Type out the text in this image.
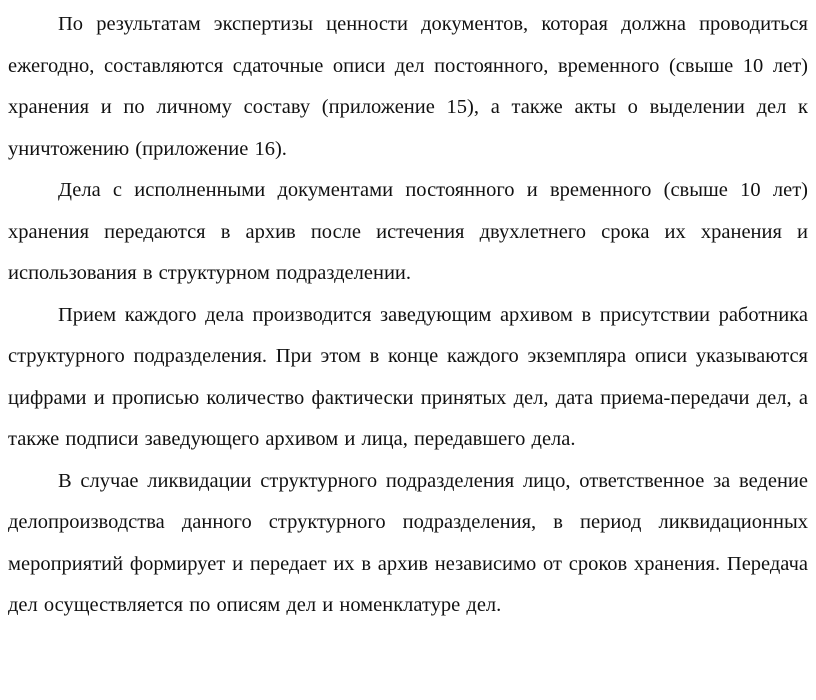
По результатам экспертизы ценности документов, которая должна проводиться ежегодно, составляются сдаточные описи дел постоянного, временного (свыше 10 лет) хранения и по личному составу (приложение 15), а также акты о выделении дел к уничтожению (приложение 16).

Дела с исполненными документами постоянного и временного (свыше 10 лет) хранения передаются в архив после истечения двухлетнего срока их хранения и использования в структурном подразделении.

Прием каждого дела производится заведующим архивом в присутствии работника структурного подразделения. При этом в конце каждого экземпляра описи указываются цифрами и прописью количество фактически принятых дел, дата приема-передачи дел, а также подписи заведующего архивом и лица, передавшего дела.

В случае ликвидации структурного подразделения лицо, ответственное за ведение делопроизводства данного структурного подразделения, в период ликвидационных мероприятий формирует и передает их в архив независимо от сроков хранения. Передача дел осуществляется по описям дел и номенклатуре дел.
